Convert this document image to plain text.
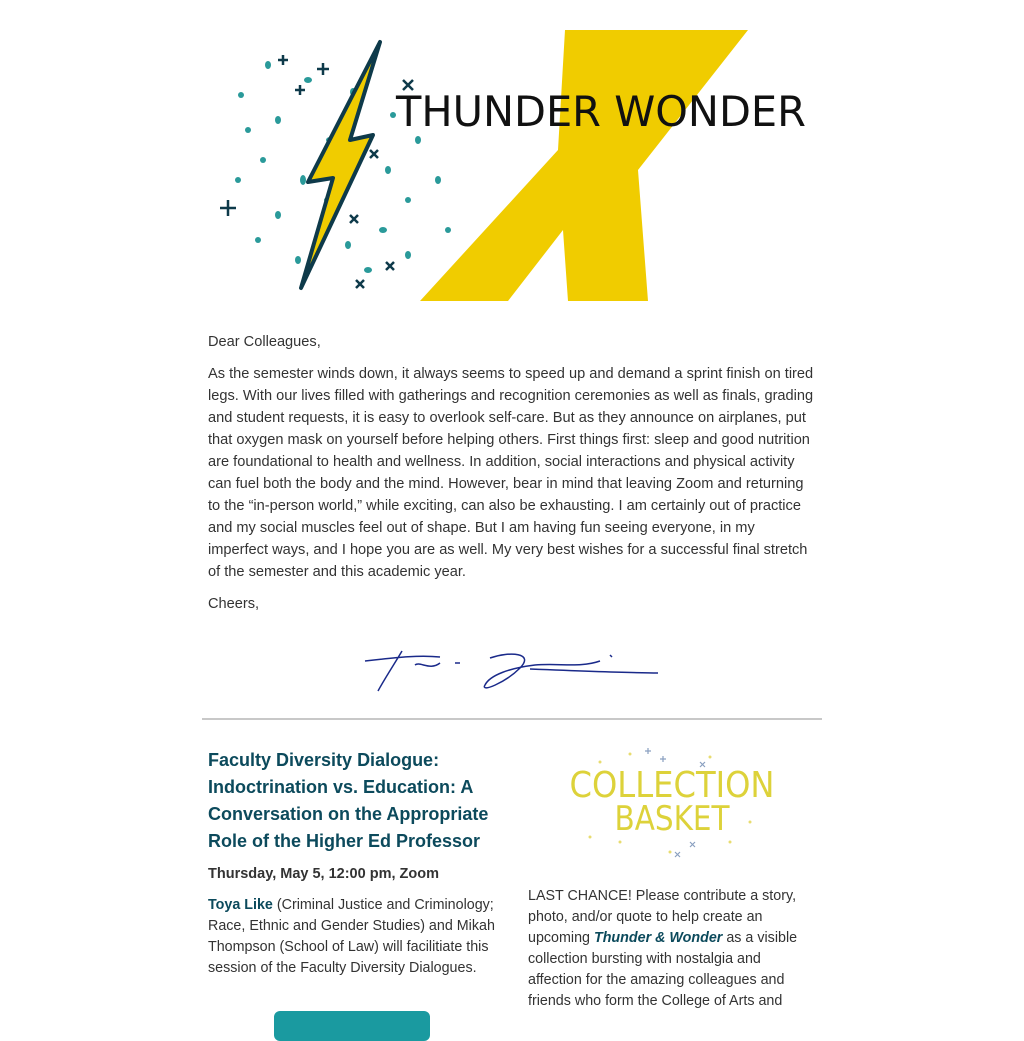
THUNDER WONDER

Dear Colleagues,

As the semester winds down, it always seems to speed up and demand a sprint finish on tired legs. With our lives filled with gatherings and recognition ceremonies as well as finals, grading and student requests, it is easy to overlook self-care. But as they announce on airplanes, put that oxygen mask on yourself before helping others. First things first: sleep and good nutrition are foundational to health and wellness. In addition, social interactions and physical activity can fuel both the body and the mind. However, bear in mind that leaving Zoom and returning to the “in-person world,” while exciting, can also be exhausting. I am certainly out of practice and my social muscles feel out of shape. But I am having fun seeing everyone, in my imperfect ways, and I hope you are as well. My very best wishes for a successful final stretch of the semester and this academic year.

Cheers,

Faculty Diversity Dialogue: Indoctrination vs. Education: A Conversation on the Appropriate Role of the Higher Ed Professor
Thursday, May 5, 12:00 pm, Zoom

Toya Like (Criminal Justice and Criminology; Race, Ethnic and Gender Studies) and Mikah Thompson (School of Law) will facilitiate this session of the Faculty Diversity Dialogues.

COLLECTION
BASKET

LAST CHANCE! Please contribute a story, photo, and/or quote to help create an upcoming Thunder & Wonder as a visible collection bursting with nostalgia and affection for the amazing colleagues and friends who form the College of Arts and
